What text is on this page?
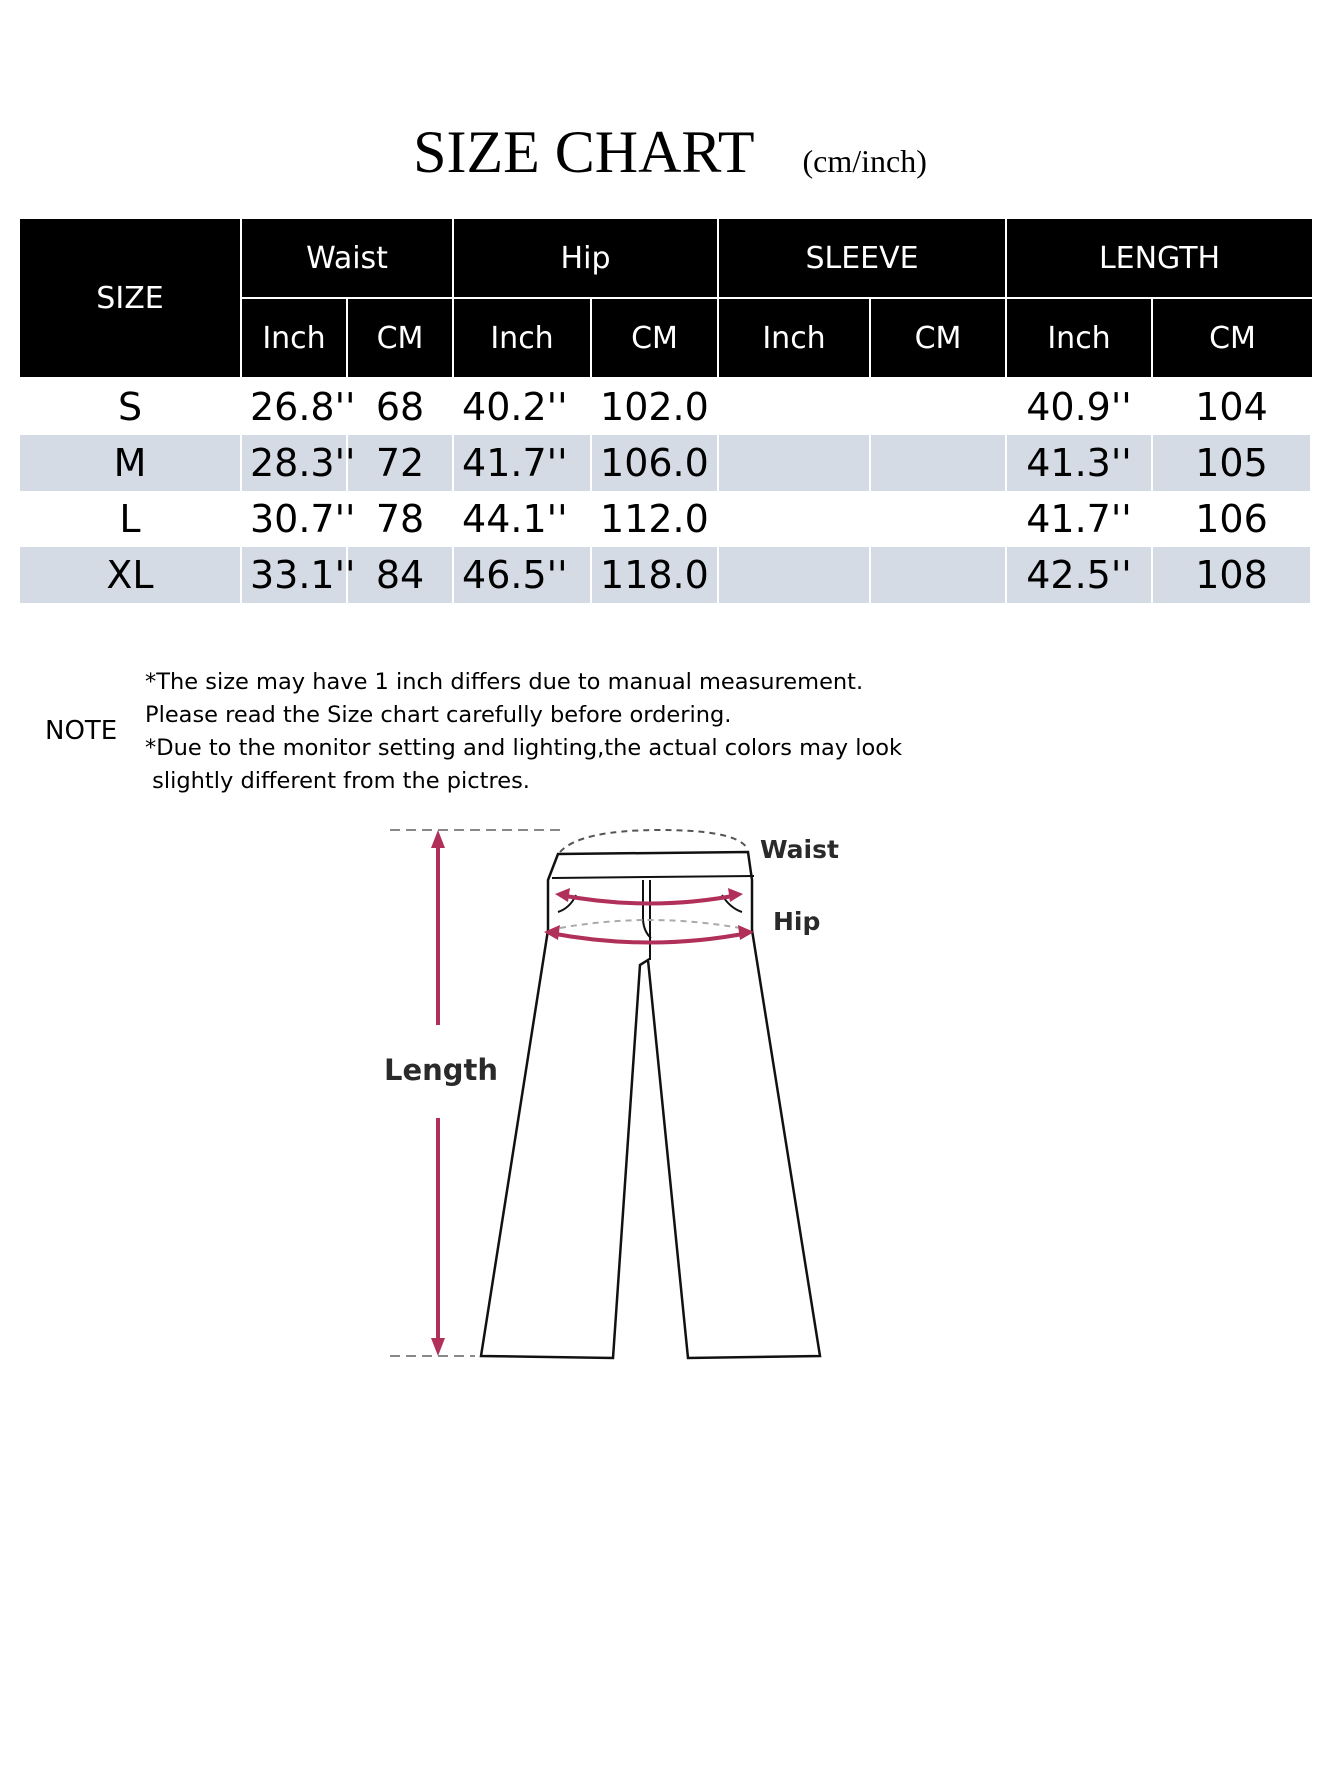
SIZE CHART (cm/inch)
SIZE	Waist		Hip		SLEEVE		LENGTH	
	Inch	CM	Inch	CM	Inch	CM	Inch	CM
S	26.8''	68	40.2''	102.0			40.9''	104
M	28.3''	72	41.7''	106.0			41.3''	105
L	30.7''	78	44.1''	112.0			41.7''	106
XL	33.1''	84	46.5''	118.0			42.5''	108
NOTE
*The size may have 1 inch differs due to manual measurement.
Please read the Size chart carefully before ordering.
*Due to the monitor setting and lighting,the actual colors may look
slightly different from the pictres.
Waist
Hip
Length
